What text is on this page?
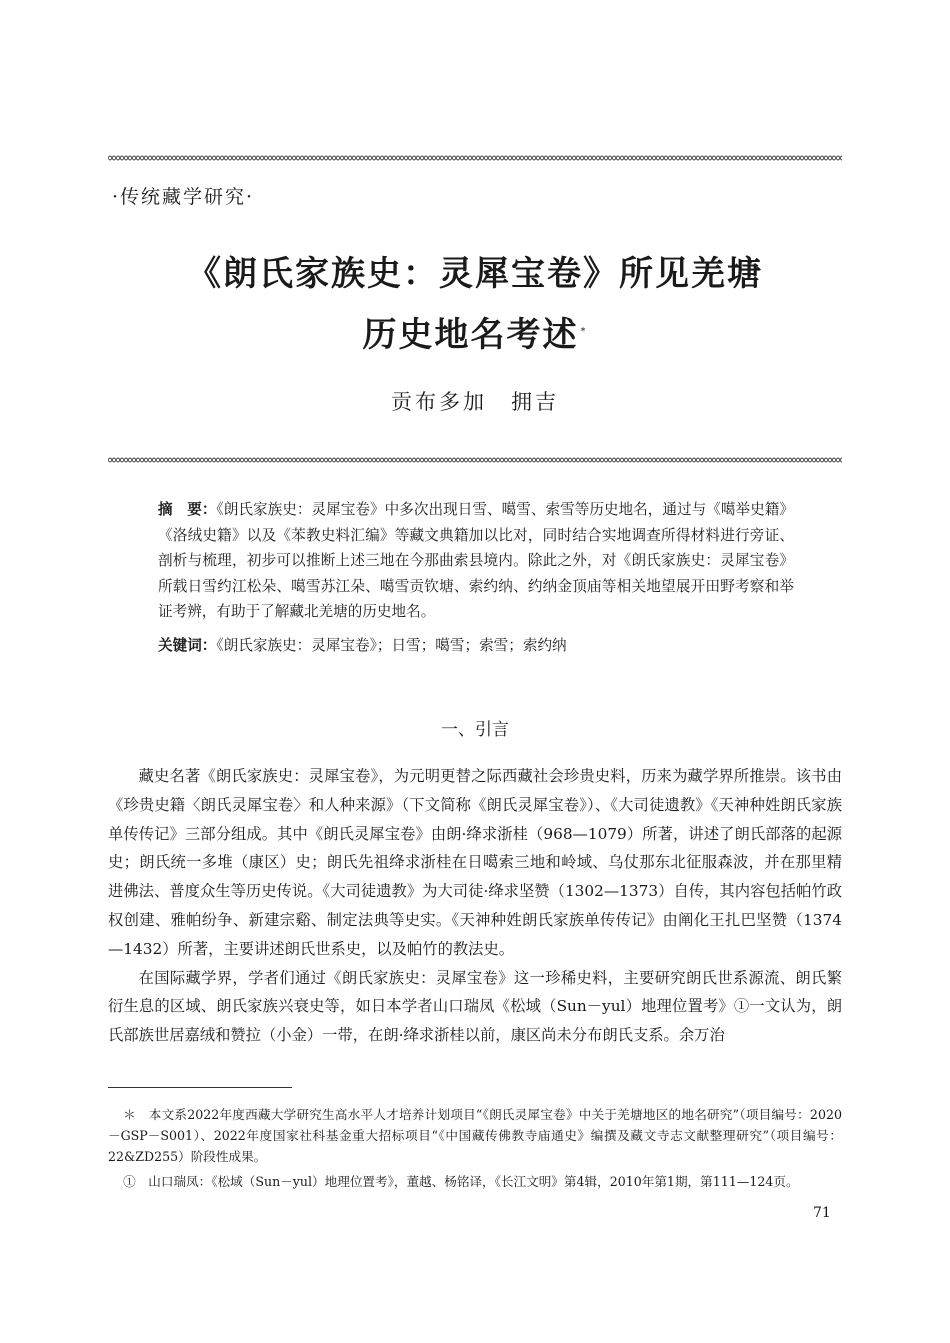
·传统藏学研究·
《朗氏家族史：灵犀宝卷》所见羌塘
历史地名考述 *
贡布多加　拥吉
摘　要：《朗氏家族史：灵犀宝卷》中多次出现日雪、噶雪、索雪等历史地名，通过与《噶举史籍》《洛绒史籍》以及《苯教史料汇编》等藏文典籍加以比对，同时结合实地调查所得材料进行旁证、剖析与梳理，初步可以推断上述三地在今那曲索县境内。除此之外，对《朗氏家族史：灵犀宝卷》所载日雪约江松朵、噶雪苏江朵、噶雪贡钦塘、索约纳、约纳金顶庙等相关地望展开田野考察和举证考辨，有助于了解藏北羌塘的历史地名。
关键词：《朗氏家族史：灵犀宝卷》；日雪；噶雪；索雪；索约纳
一、引言

藏史名著《朗氏家族史：灵犀宝卷》，为元明更替之际西藏社会珍贵史料，历来为藏学界所推崇。该书由《珍贵史籍〈朗氏灵犀宝卷〉和人种来源》（下文简称《朗氏灵犀宝卷》）、《大司徒遗教》《天神种姓朗氏家族单传传记》三部分组成。其中《朗氏灵犀宝卷》由朗·绛求浙桂（968—1079）所著，讲述了朗氏部落的起源史；朗氏统一多堆（康区）史；朗氏先祖绛求浙桂在日噶索三地和岭域、乌仗那东北征服森波，并在那里精进佛法、普度众生等历史传说。《大司徒遗教》为大司徒·绛求坚赞（1302—1373）自传，其内容包括帕竹政权创建、雅帕纷争、新建宗谿、制定法典等史实。《天神种姓朗氏家族单传传记》由阐化王扎巴坚赞（1374—1432）所著，主要讲述朗氏世系史，以及帕竹的教法史。

在国际藏学界，学者们通过《朗氏家族史：灵犀宝卷》这一珍稀史料，主要研究朗氏世系源流、朗氏繁衍生息的区域、朗氏家族兴衰史等，如日本学者山口瑞凤《松域（Sun－yul）地理位置考》①一文认为，朗氏部族世居嘉绒和赞拉（小金）一带，在朗·绛求浙桂以前，康区尚未分布朗氏支系。余万治

＊　本文系2022年度西藏大学研究生高水平人才培养计划项目“《朗氏灵犀宝卷》中关于羌塘地区的地名研究”（项目编号：2020－GSP－S001）、2022年度国家社科基金重大招标项目“《中国藏传佛教寺庙通史》编撰及藏文寺志文献整理研究”（项目编号：22&ZD255）阶段性成果。

①　山口瑞凤：《松域（Sun－yul）地理位置考》，董越、杨铭译，《长江文明》第4辑，2010年第1期，第111—124页。

71
